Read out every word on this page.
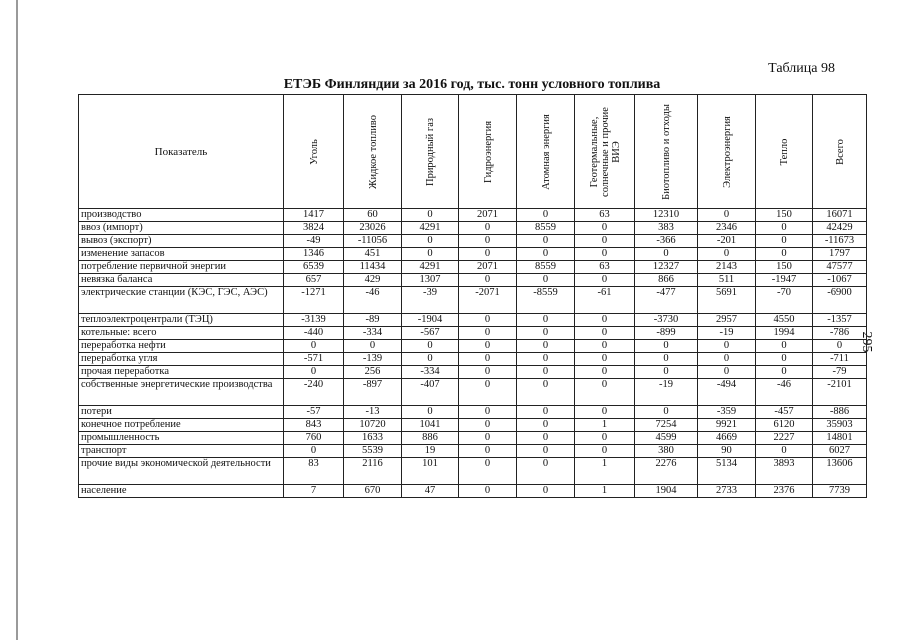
Таблица 98
ЕТЭБ Финляндии за 2016 год, тыс. тонн условного топлива
295
Показатель	Уголь	Жидкое топливо	Природный газ	Гидроэнергия	Атомная энергия	Геотермальные, солнечные и прочие ВИЭ	Биотопливо и отходы	Электроэнергия	Тепло	Всего

производство	1417	60	0	2071	0	63	12310	0	150	16071
ввоз (импорт)	3824	23026	4291	0	8559	0	383	2346	0	42429
вывоз (экспорт)	-49	-11056	0	0	0	0	-366	-201	0	-11673
изменение запасов	1346	451	0	0	0	0	0	0	0	1797
потребление первичной энергии	6539	11434	4291	2071	8559	63	12327	2143	150	47577
невязка баланса	657	429	1307	0	0	0	866	511	-1947	-1067
электрические станции (КЭС, ГЭС, АЭС)	-1271	-46	-39	-2071	-8559	-61	-477	5691	-70	-6900
теплоэлектроцентрали (ТЭЦ)	-3139	-89	-1904	0	0	0	-3730	2957	4550	-1357
котельные: всего	-440	-334	-567	0	0	0	-899	-19	1994	-786
переработка нефти	0	0	0	0	0	0	0	0	0	0
переработка угля	-571	-139	0	0	0	0	0	0	0	-711
прочая переработка	0	256	-334	0	0	0	0	0	0	-79
собственные энергетические производства	-240	-897	-407	0	0	0	-19	-494	-46	-2101
потери	-57	-13	0	0	0	0	0	-359	-457	-886
конечное потребление	843	10720	1041	0	0	1	7254	9921	6120	35903
промышленность	760	1633	886	0	0	0	4599	4669	2227	14801
транспорт	0	5539	19	0	0	0	380	90	0	6027
прочие виды экономической деятельности	83	2116	101	0	0	1	2276	5134	3893	13606
население	7	670	47	0	0	1	1904	2733	2376	7739
